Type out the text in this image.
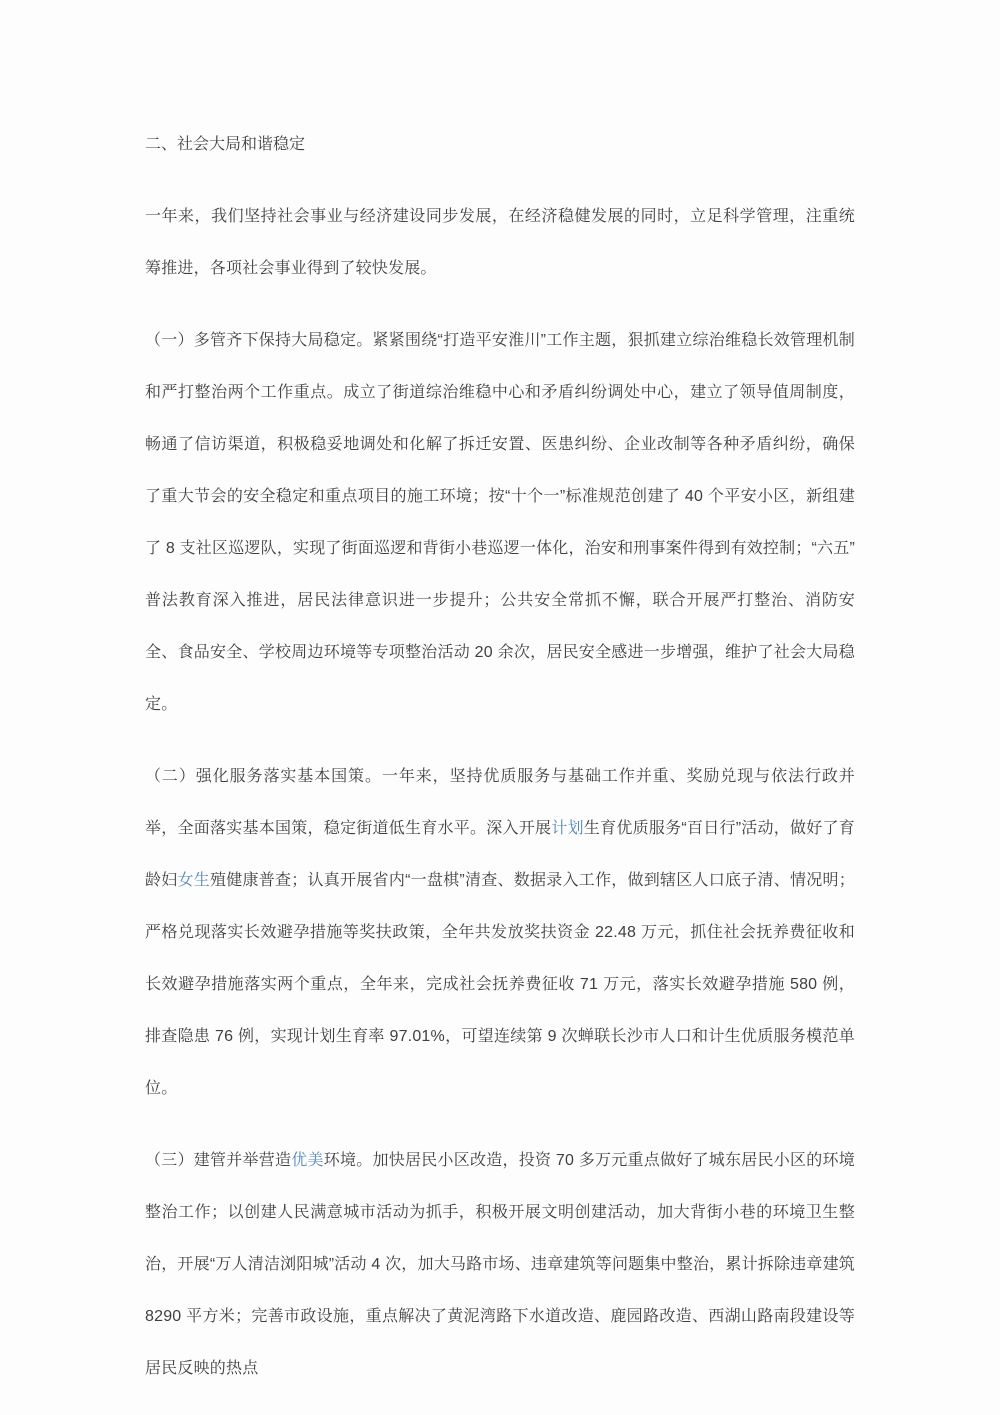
二、社会大局和谐稳定

一年来，我们坚持社会事业与经济建设同步发展，在经济稳健发展的同时，立足科学管理，注重统筹推进，各项社会事业得到了较快发展。

（一）多管齐下保持大局稳定。紧紧围绕“打造平安淮川”工作主题，狠抓建立综治维稳长效管理机制和严打整治两个工作重点。成立了街道综治维稳中心和矛盾纠纷调处中心，建立了领导值周制度，畅通了信访渠道，积极稳妥地调处和化解了拆迁安置、医患纠纷、企业改制等各种矛盾纠纷，确保了重大节会的安全稳定和重点项目的施工环境；按“十个一”标准规范创建了 40 个平安小区，新组建了 8 支社区巡逻队，实现了街面巡逻和背街小巷巡逻一体化，治安和刑事案件得到有效控制；“六五”普法教育深入推进，居民法律意识进一步提升；公共安全常抓不懈，联合开展严打整治、消防安全、食品安全、学校周边环境等专项整治活动 20 余次，居民安全感进一步增强，维护了社会大局稳定。

（二）强化服务落实基本国策。一年来，坚持优质服务与基础工作并重、奖励兑现与依法行政并举，全面落实基本国策，稳定街道低生育水平。深入开展计划生育优质服务“百日行”活动，做好了育龄妇女生殖健康普查；认真开展省内“一盘棋”清查、数据录入工作，做到辖区人口底子清、情况明；严格兑现落实长效避孕措施等奖扶政策，全年共发放奖扶资金 22.48 万元，抓住社会抚养费征收和长效避孕措施落实两个重点，全年来，完成社会抚养费征收 71 万元，落实长效避孕措施 580 例，排查隐患 76 例，实现计划生育率 97.01%，可望连续第 9 次蝉联长沙市人口和计生优质服务模范单位。

（三）建管并举营造优美环境。加快居民小区改造，投资 70 多万元重点做好了城东居民小区的环境整治工作；以创建人民满意城市活动为抓手，积极开展文明创建活动，加大背街小巷的环境卫生整治，开展“万人清洁浏阳城”活动 4 次，加大马路市场、违章建筑等问题集中整治，累计拆除违章建筑 8290 平方米；完善市政设施，重点解决了黄泥湾路下水道改造、鹿园路改造、西湖山路南段建设等居民反映的热点
